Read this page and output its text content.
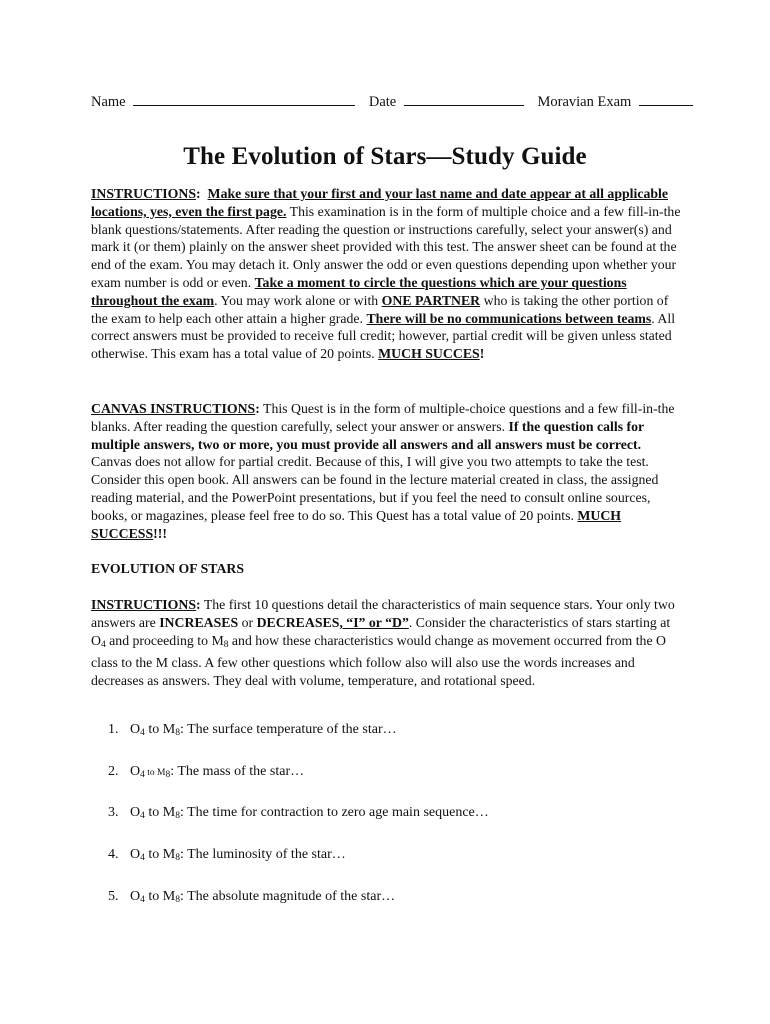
Name	Date	Moravian Exam
The Evolution of Stars—Study Guide
INSTRUCTIONS:  Make sure that your first and your last name and date appear at all applicable locations, yes, even the first page. This examination is in the form of multiple choice and a few fill-in-the blank questions/statements. After reading the question or instructions carefully, select your answer(s) and mark it (or them) plainly on the answer sheet provided with this test. The answer sheet can be found at the end of the exam. You may detach it. Only answer the odd or even questions depending upon whether your exam number is odd or even. Take a moment to circle the questions which are your questions throughout the exam. You may work alone or with ONE PARTNER who is taking the other portion of the exam to help each other attain a higher grade. There will be no communications between teams. All correct answers must be provided to receive full credit; however, partial credit will be given unless stated otherwise. This exam has a total value of 20 points. MUCH SUCCES!
CANVAS INSTRUCTIONS: This Quest is in the form of multiple-choice questions and a few fill-in-the blanks. After reading the question carefully, select your answer or answers. If the question calls for multiple answers, two or more, you must provide all answers and all answers must be correct. Canvas does not allow for partial credit. Because of this, I will give you two attempts to take the test. Consider this open book. All answers can be found in the lecture material created in class, the assigned reading material, and the PowerPoint presentations, but if you feel the need to consult online sources, books, or magazines, please feel free to do so. This Quest has a total value of 20 points. MUCH SUCCESS!!!
EVOLUTION OF STARS
INSTRUCTIONS: The first 10 questions detail the characteristics of main sequence stars. Your only two answers are INCREASES or DECREASES, “I” or “D”. Consider the characteristics of stars starting at $O_4$ and proceeding to $M_8$ and how these characteristics would change as movement occurred from the O class to the M class. A few other questions which follow also will also use the words increases and decreases as answers. They deal with volume, temperature, and rotational speed.
1. $O_4$ to $M_8$: The surface temperature of the star…
2. $O_4$ to $M_8$: The mass of the star…
3. $O_4$ to $M_8$: The time for contraction to zero age main sequence…
4. $O_4$ to $M_8$: The luminosity of the star…
5. $O_4$ to $M_8$: The absolute magnitude of the star…
